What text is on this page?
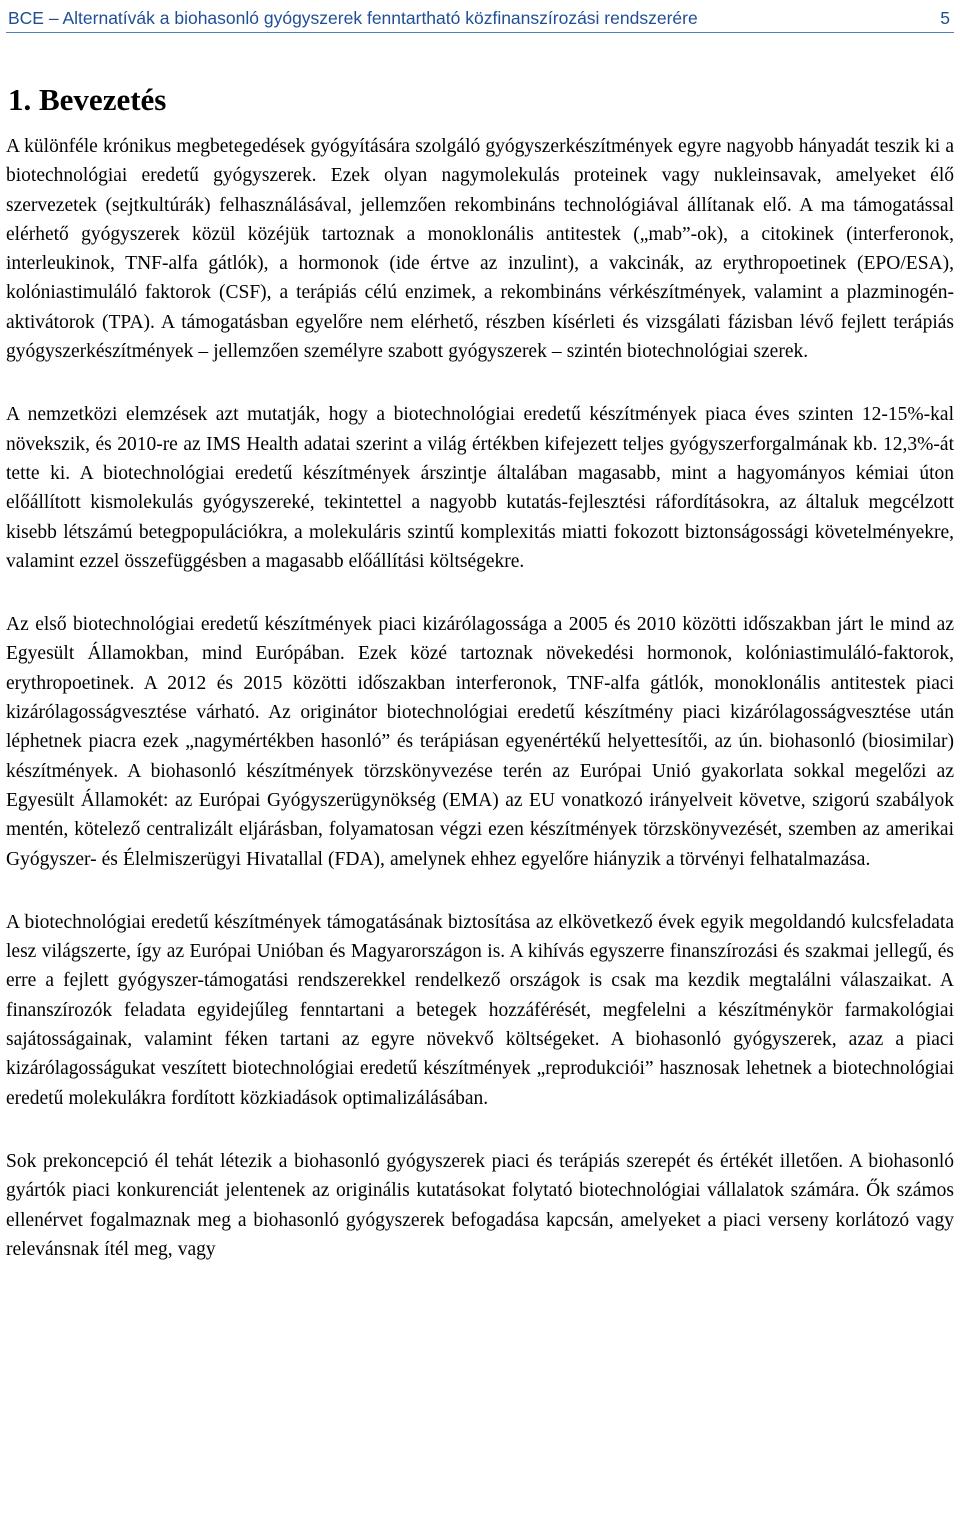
BCE – Alternatívák a biohasonló gyógyszerek fenntartható közfinanszírozási rendszerére	5
1. Bevezetés

A különféle krónikus megbetegedések gyógyítására szolgáló gyógyszerkészítmények egyre nagyobb hányadát teszik ki a biotechnológiai eredetű gyógyszerek. Ezek olyan nagymolekulás proteinek vagy nukleinsavak, amelyeket élő szervezetek (sejtkultúrák) felhasználásával, jellemzően rekombináns technológiával állítanak elő. A ma támogatással elérhető gyógyszerek közül közéjük tartoznak a monoklonális antitestek („mab”-ok), a citokinek (interferonok, interleukinok, TNF-alfa gátlók), a hormonok (ide értve az inzulint), a vakcinák, az erythropoetinek (EPO/ESA), kolóniastimuláló faktorok (CSF), a terápiás célú enzimek, a rekombináns vérkészítmények, valamint a plazminogén-aktivátorok (TPA). A támogatásban egyelőre nem elérhető, részben kísérleti és vizsgálati fázisban lévő fejlett terápiás gyógyszerkészítmények – jellemzően személyre szabott gyógyszerek – szintén biotechnológiai szerek.

A nemzetközi elemzések azt mutatják, hogy a biotechnológiai eredetű készítmények piaca éves szinten 12-15%-kal növekszik, és 2010-re az IMS Health adatai szerint a világ értékben kifejezett teljes gyógyszerforgalmának kb. 12,3%-át tette ki. A biotechnológiai eredetű készítmények árszintje általában magasabb, mint a hagyományos kémiai úton előállított kismolekulás gyógyszereké, tekintettel a nagyobb kutatás-fejlesztési ráfordításokra, az általuk megcélzott kisebb létszámú betegpopulációkra, a molekuláris szintű komplexitás miatti fokozott biztonságossági követelményekre, valamint ezzel összefüggésben a magasabb előállítási költségekre.

Az első biotechnológiai eredetű készítmények piaci kizárólagossága a 2005 és 2010 közötti időszakban járt le mind az Egyesült Államokban, mind Európában. Ezek közé tartoznak növekedési hormonok, kolóniastimuláló-faktorok, erythropoetinek. A 2012 és 2015 közötti időszakban interferonok, TNF-alfa gátlók, monoklonális antitestek piaci kizárólagosságvesztése várható. Az originátor biotechnológiai eredetű készítmény piaci kizárólagosságvesztése után léphetnek piacra ezek „nagymértékben hasonló” és terápiásan egyenértékű helyettesítői, az ún. biohasonló (biosimilar) készítmények. A biohasonló készítmények törzskönyvezése terén az Európai Unió gyakorlata sokkal megelőzi az Egyesült Államokét: az Európai Gyógyszerügynökség (EMA) az EU vonatkozó irányelveit követve, szigorú szabályok mentén, kötelező centralizált eljárásban, folyamatosan végzi ezen készítmények törzskönyvezését, szemben az amerikai Gyógyszer- és Élelmiszerügyi Hivatallal (FDA), amelynek ehhez egyelőre hiányzik a törvényi felhatalmazása.

A biotechnológiai eredetű készítmények támogatásának biztosítása az elkövetkező évek egyik megoldandó kulcsfeladata lesz világszerte, így az Európai Unióban és Magyarországon is. A kihívás egyszerre finanszírozási és szakmai jellegű, és erre a fejlett gyógyszer-támogatási rendszerekkel rendelkező országok is csak ma kezdik megtalálni válaszaikat. A finanszírozók feladata egyidejűleg fenntartani a betegek hozzáférését, megfelelni a készítménykör farmakológiai sajátosságainak, valamint féken tartani az egyre növekvő költségeket. A biohasonló gyógyszerek, azaz a piaci kizárólagosságukat veszített biotechnológiai eredetű készítmények „reprodukciói” hasznosak lehetnek a biotechnológiai eredetű molekulákra fordított közkiadások optimalizálásában.

Sok prekoncepció él tehát létezik a biohasonló gyógyszerek piaci és terápiás szerepét és értékét illetően. A biohasonló gyártók piaci konkurenciát jelentenek az originális kutatásokat folytató biotechnológiai vállalatok számára. Ők számos ellenérvet fogalmaznak meg a biohasonló gyógyszerek befogadása kapcsán, amelyeket a piaci verseny korlátozó vagy relevánsnak ítél meg, vagy
